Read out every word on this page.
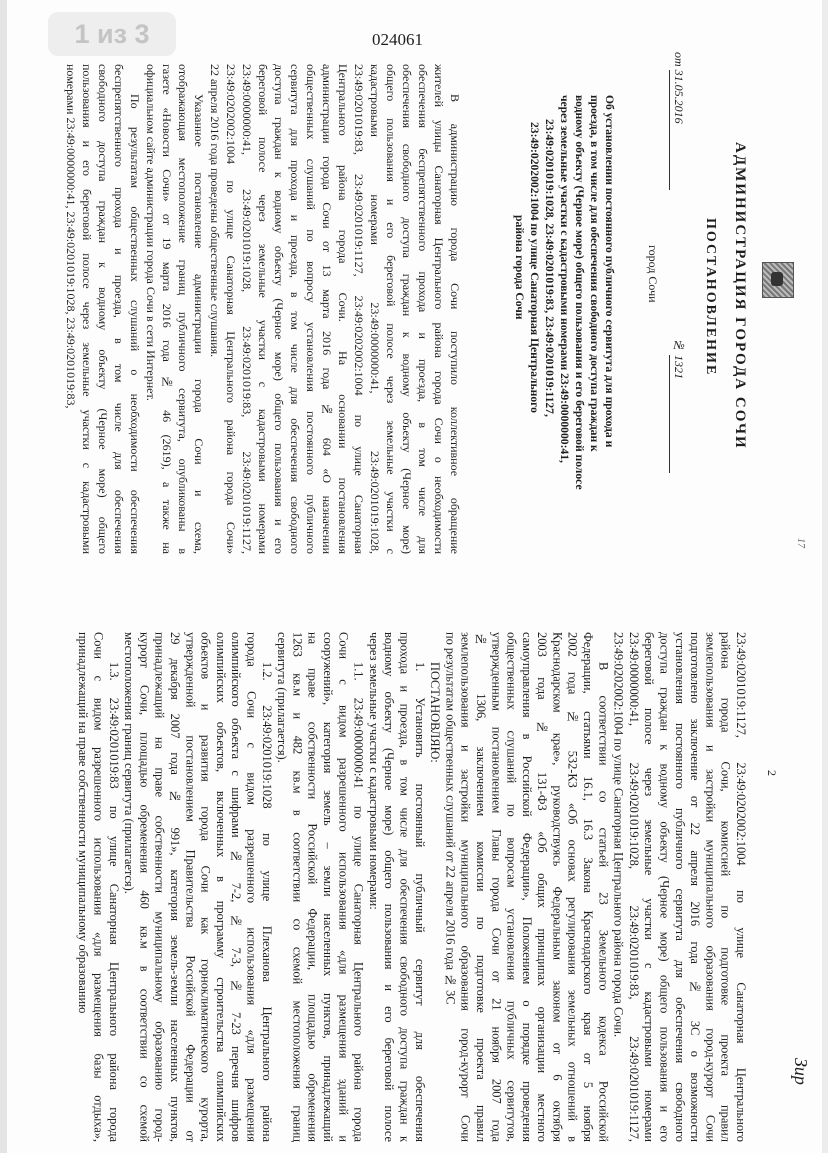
024061
АДМИНИСТРАЦИЯ ГОРОДА СОЧИ
ПОСТАНОВЛЕНИЕ
от 31.05.2016
№ 1321
город Сочи
17
Об установлении постоянного публичного сервитута для прохода и
проезда, в том числе для обеспечения свободного доступа граждан к
водному объекту (Черное море) общего пользования и его береговой полосе
через земельные участки с кадастровыми номерами 23:49:0000000:41,
23:49:0201019:1028, 23:49:0201019:83, 23:49:0201019:1127,
23:49:0202002:1004 по улице Санаторная Центрального
района города Сочи
В администрацию города Сочи поступило коллективное обращение
жителей улицы Санаторная Центрального района города Сочи о необходимости
обеспечения беспрепятственного прохода и проезда, в том числе для
обеспечения свободного доступа граждан к водному объекту (Черное море)
общего пользования и его береговой полосе через земельные участки с
кадастровыми номерами 23:49:0000000:41, 23:49:0201019:1028,
23:49:0201019:83, 23:49:0201019:1127, 23:49:0202002:1004 по улице Санаторная
Центрального района города Сочи. На основании постановления
администрации города Сочи от 13 марта 2016 года № 604 «О назначении
общественных слушаний по вопросу установления постоянного публичного
сервитута для прохода и проезда, в том числе для обеспечения свободного
доступа граждан к водному объекту (Черное море) общего пользования и его
береговой полосе через земельные участки с кадастровыми номерами
23:49:0000000:41, 23:49:0201019:1028, 23:49:0201019:83, 23:49:0201019:1127,
23:49:0202002:1004 по улице Санаторная Центрального района города Сочи»
22 апреля 2016 года проведены общественные слушания.
Указанное постановление администрации города Сочи и схема,
отображающая местоположение границ публичного сервитута, опубликованы в
газете «Новости Сочи» от 19 марта 2016 года № 46 (2619), а также на
официальном сайте администрации города Сочи в сети Интернет.
По результатам общественных слушаний о необходимости обеспечения
беспрепятственного прохода и проезда, в том числе для обеспечения
свободного доступа граждан к водному объекту (Черное море) общего
пользования и его береговой полосе через земельные участки с кадастровыми
номерами 23:49:0000000:41, 23:49:0201019:1028, 23:49:0201019:83,
2
Зир
23:49:0201019:1127, 23:49:0202002:1004 по улице Санаторная Центрального
района города Сочи, комиссией по подготовке проекта правил
землепользования и застройки муниципального образования город-курорт Сочи
подготовлено заключение от 22 апреля 2016 года № 3С о возможности
установления постоянного публичного сервитута для обеспечения свободного
доступа граждан к водному объекту (Черное море) общего пользования и его
береговой полосе через земельные участки с кадастровыми номерами
23:49:0000000:41, 23:49:0201019:1028, 23:49:0201019:83, 23:49:0201019:1127,
23:49:0202002:1004 по улице Санаторная Центрального района города Сочи.
В соответствии со статьей 23 Земельного кодекса Российской
Федерации, статьями 16.1, 16.3 Закона Краснодарского края от 5 ноября
2002 года № 532-КЗ «Об основах регулирования земельных отношений в
Краснодарском крае», руководствуясь Федеральным законом от 6 октября
2003 года № 131-ФЗ «Об общих принципах организации местного
самоуправления в Российской Федерации», Положением о порядке проведения
общественных слушаний по вопросам установления публичных сервитутов,
утвержденным постановлением Главы города Сочи от 21 ноября 2007 года
№ 1306, заключением комиссии по подготовке проекта правил
землепользования и застройки муниципального образования город-курорт Сочи
по результатам общественных слушаний от 22 апреля 2016 года № 3С
ПОСТАНОВЛЯЮ:
1. Установить постоянный публичный сервитут для обеспечения
прохода и проезда, в том числе для обеспечения свободного доступа граждан к
водному объекту (Черное море) общего пользования и его береговой полосе
через земельные участки с кадастровыми номерами:
1.1. 23:49:0000000:41 по улице Санаторная Центрального района города
Сочи с видом разрешенного использования «для размещения зданий и
сооружений», категория земель – земли населенных пунктов, принадлежащий
на праве собственности Российской Федерации, площадью обременения
1263 кв.м и 482 кв.м в соответствии со схемой местоположения границ
сервитута (прилагается).
1.2. 23:49:0201019:1028 по улице Плеханова Центрального района
города Сочи с видом разрешенного использования «для размещения
олимпийского объекта с шифрами № 7-2, № 7-3, № 7-23 перечня шифров
олимпийских объектов, включенных в программу строительства олимпийских
объектов и развития города Сочи как горноклиматического курорта,
утвержденной постановлением Правительства Российской Федерации от
29 декабря 2007 года № 991», категория земель-земли населенных пунктов,
принадлежащий на праве собственности муниципальному образованию город-
курорт Сочи, площадью обременения 460 кв.м в соответствии со схемой
местоположения границ сервитута (прилагается).
1.3. 23:49:0201019:83 по улице Санаторная Центрального района города
Сочи с видом разрешенного использования «для размещения базы отдыха»,
принадлежащий на праве собственности муниципальному образованию
1 из 3
